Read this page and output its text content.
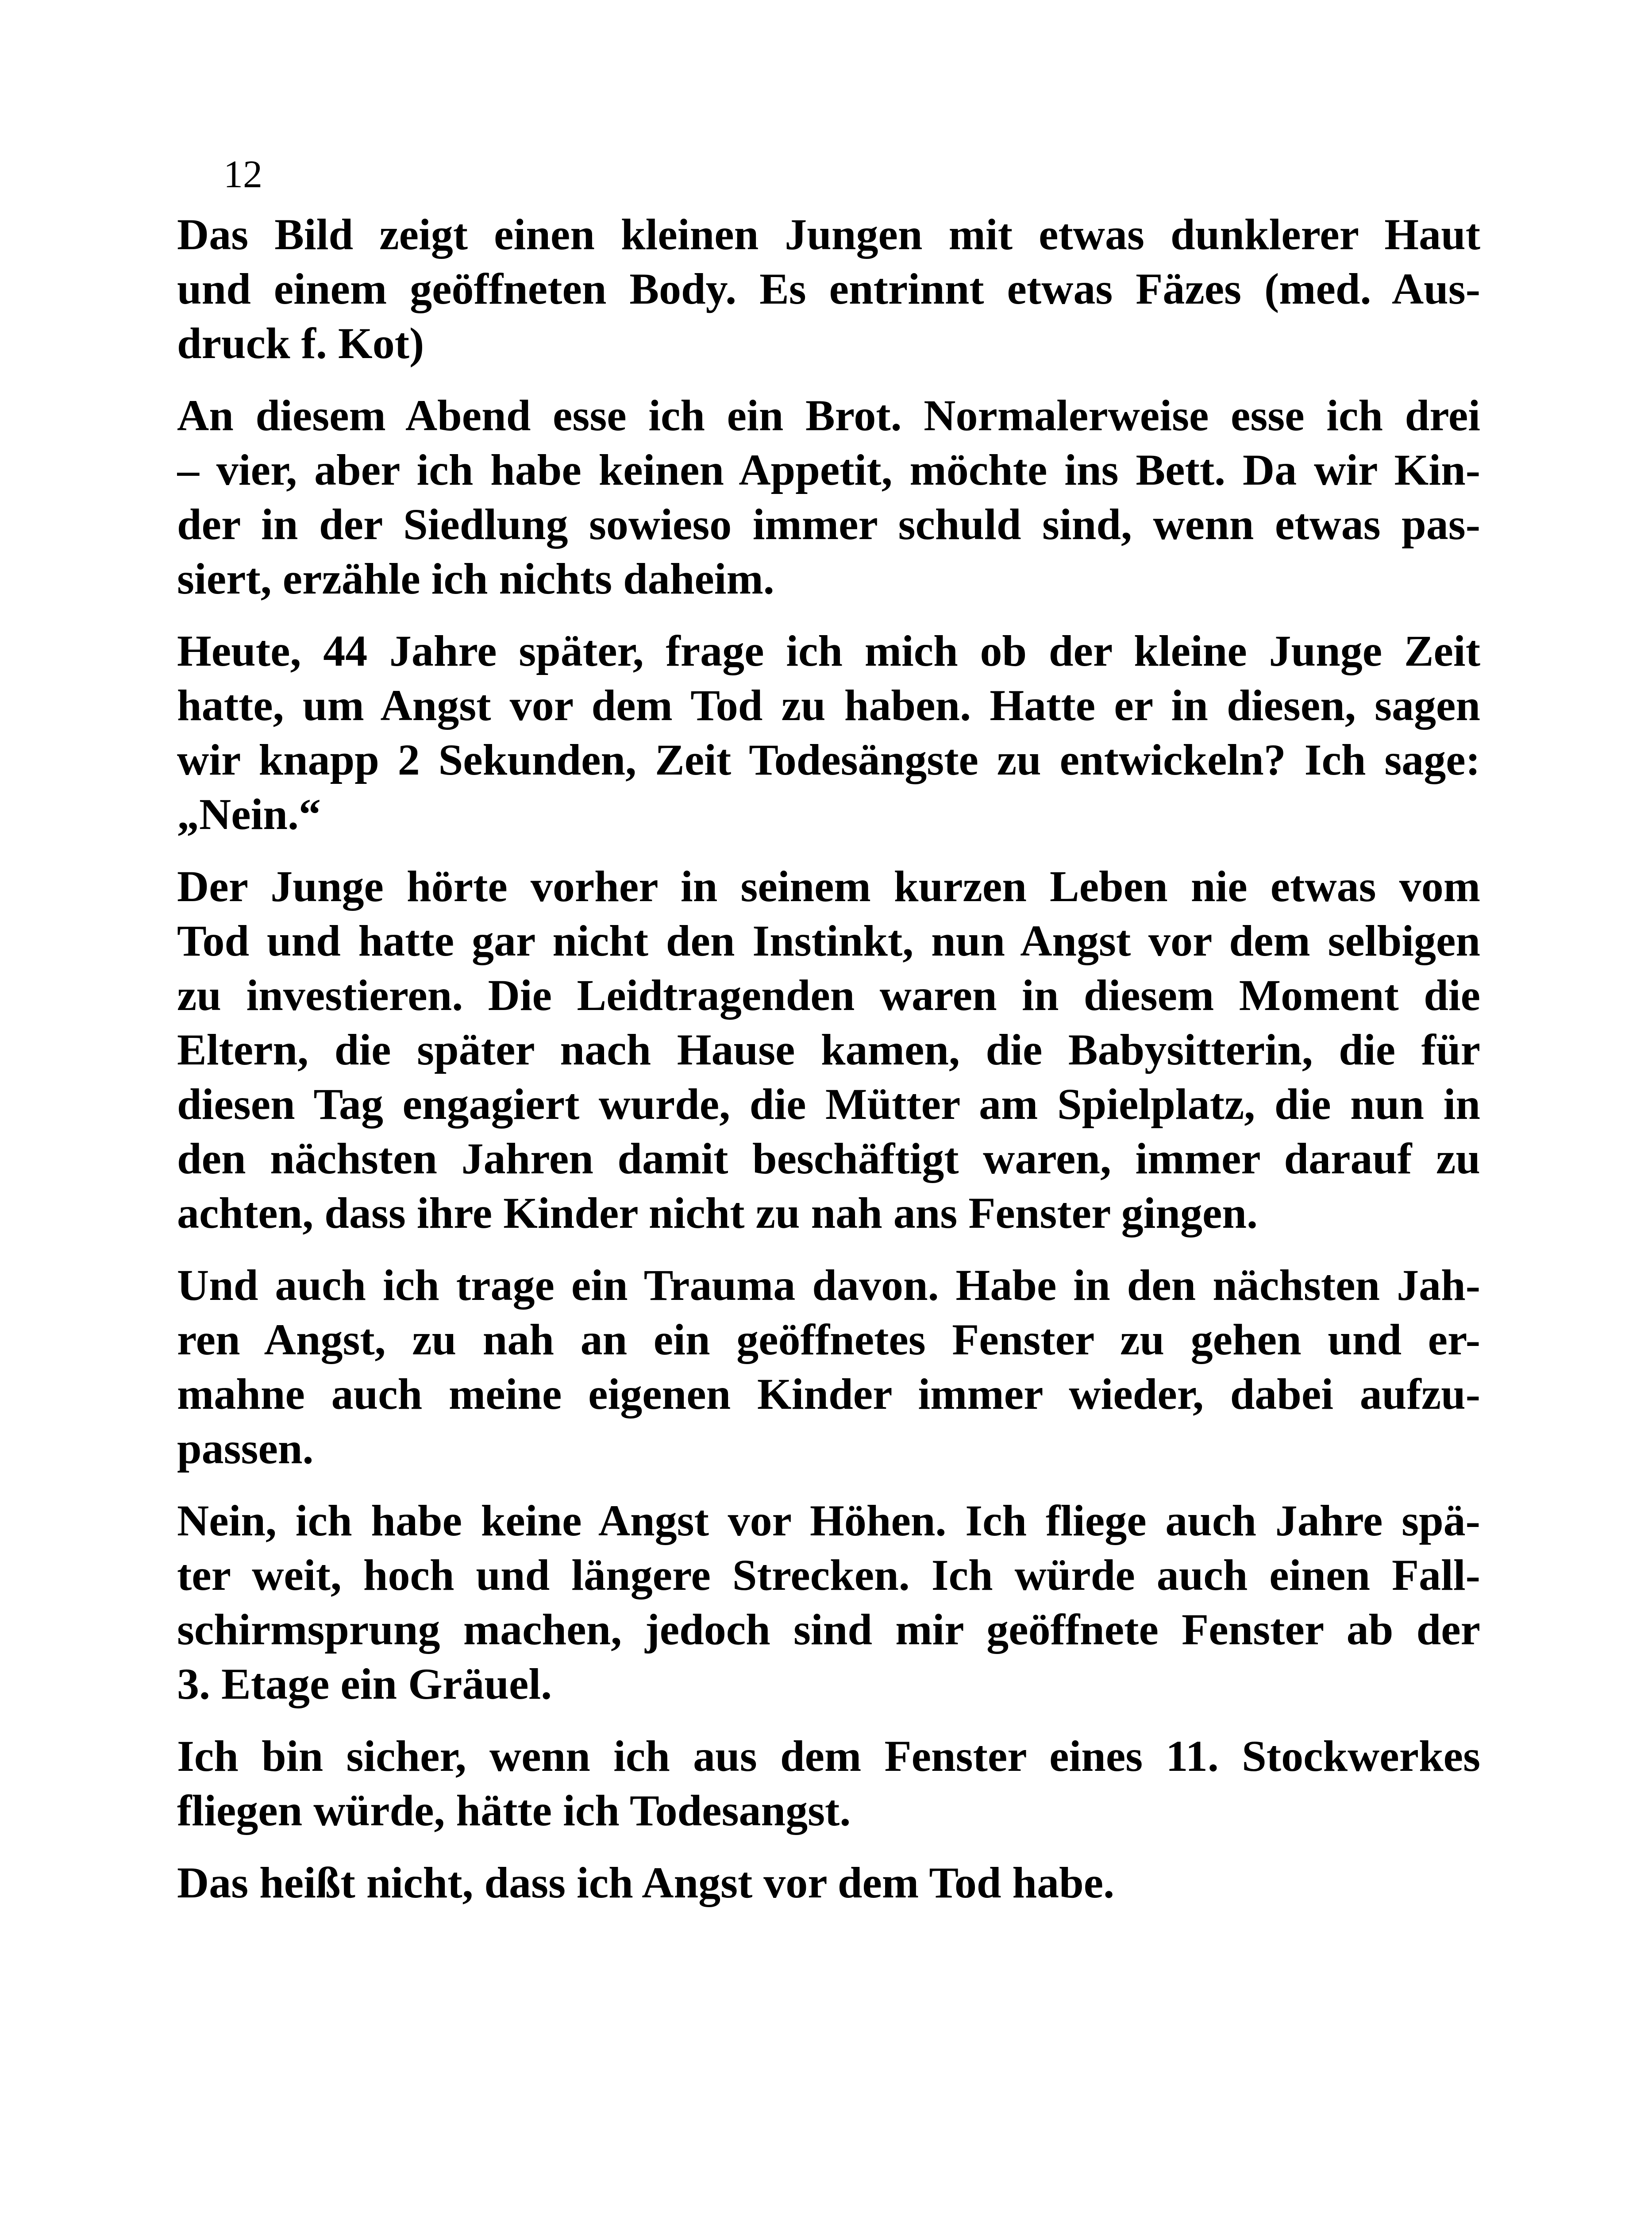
12
Das Bild zeigt einen kleinen Jungen mit etwas dunklerer Haut
und einem geöffneten Body. Es entrinnt etwas Fäzes (med. Aus-
druck f. Kot)
An diesem Abend esse ich ein Brot. Normalerweise esse ich drei
– vier, aber ich habe keinen Appetit, möchte ins Bett. Da wir Kin-
der in der Siedlung sowieso immer schuld sind, wenn etwas pas-
siert, erzähle ich nichts daheim.
Heute, 44 Jahre später, frage ich mich ob der kleine Junge Zeit
hatte, um Angst vor dem Tod zu haben. Hatte er in diesen, sagen
wir knapp 2 Sekunden, Zeit Todesängste zu entwickeln? Ich sage:
„Nein.“
Der Junge hörte vorher in seinem kurzen Leben nie etwas vom
Tod und hatte gar nicht den Instinkt, nun Angst vor dem selbigen
zu investieren. Die Leidtragenden waren in diesem Moment die
Eltern, die später nach Hause kamen, die Babysitterin, die für
diesen Tag engagiert wurde, die Mütter am Spielplatz, die nun in
den nächsten Jahren damit beschäftigt waren, immer darauf zu
achten, dass ihre Kinder nicht zu nah ans Fenster gingen.
Und auch ich trage ein Trauma davon. Habe in den nächsten Jah-
ren Angst, zu nah an ein geöffnetes Fenster zu gehen und er-
mahne auch meine eigenen Kinder immer wieder, dabei aufzu-
passen.
Nein, ich habe keine Angst vor Höhen. Ich fliege auch Jahre spä-
ter weit, hoch und längere Strecken. Ich würde auch einen Fall-
schirmsprung machen, jedoch sind mir geöffnete Fenster ab der
3. Etage ein Gräuel.
Ich bin sicher, wenn ich aus dem Fenster eines 11. Stockwerkes
fliegen würde, hätte ich Todesangst.
Das heißt nicht, dass ich Angst vor dem Tod habe.
